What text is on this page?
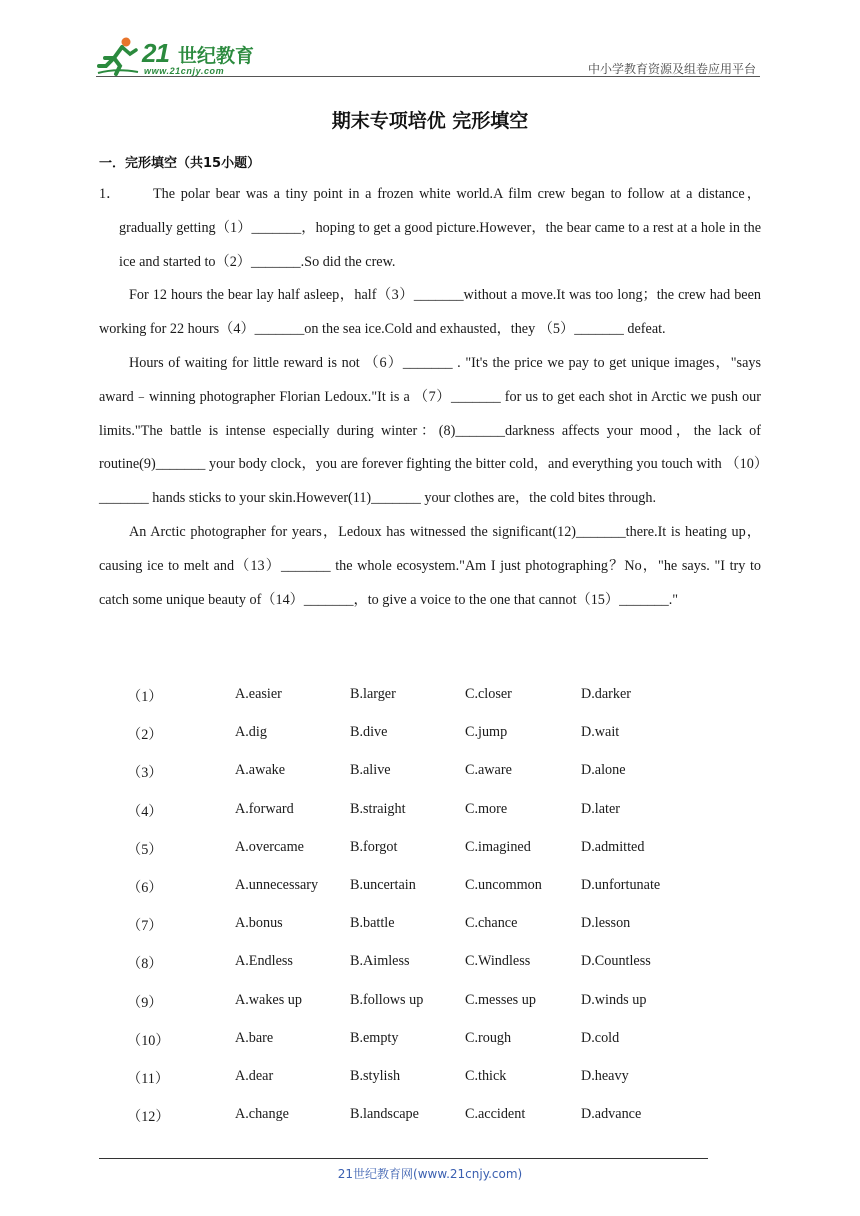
21 世纪教育
www.21cnjy.com	中小学教育资源及组卷应用平台
期末专项培优 完形填空
一．完形填空（共15小题）

1． The polar bear was a tiny point in a frozen white world.A film crew began to follow at a distance，gradually getting（1）_______，hoping to get a good picture.However，the bear came to a rest at a hole in the ice and started to（2）_______.So did the crew.

For 12 hours the bear lay half asleep，half（3）_______without a move.It was too long；the crew had been working for 22 hours（4）_______on the sea ice.Cold and exhausted，they （5）_______ defeat.

Hours of waiting for little reward is not （6）_______ . "It's the price we pay to get unique images，"says award﹣winning photographer Florian Ledoux."It is a （7）_______ for us to get each shot in Arctic we push our limits."The battle is intense especially during winter：(8)_______darkness affects your mood，the lack of routine(9)_______ your body clock，you are forever fighting the bitter cold，and everything you touch with （10）_______ hands sticks to your skin.However(11)_______ your clothes are，the cold bites through.

An Arctic photographer for years，Ledoux has witnessed the significant(12)_______there.It is heating up，causing ice to melt and（13）_______ the whole ecosystem."Am I just photographing？No，"he says. "I try to catch some unique beauty of（14）_______，to give a voice to the one that cannot（15）_______."

（1）	A.easier	B.larger	C.closer	D.darker
（2）	A.dig	B.dive	C.jump	D.wait
（3）	A.awake	B.alive	C.aware	D.alone
（4）	A.forward	B.straight	C.more	D.later
（5）	A.overcame	B.forgot	C.imagined	D.admitted
（6）	A.unnecessary B.uncertain	C.uncommon	D.unfortunate
（7）	A.bonus	B.battle	C.chance	D.lesson
（8）	A.Endless	B.Aimless	C.Windless	D.Countless
（9）	A.wakes up	B.follows up	C.messes up	D.winds up
（10）	A.bare	B.empty	C.rough	D.cold
（11）	A.dear	B.stylish	C.thick	D.heavy
（12）	A.change	B.landscape	C.accident	D.advance
21世纪教育网(www.21cnjy.com)
